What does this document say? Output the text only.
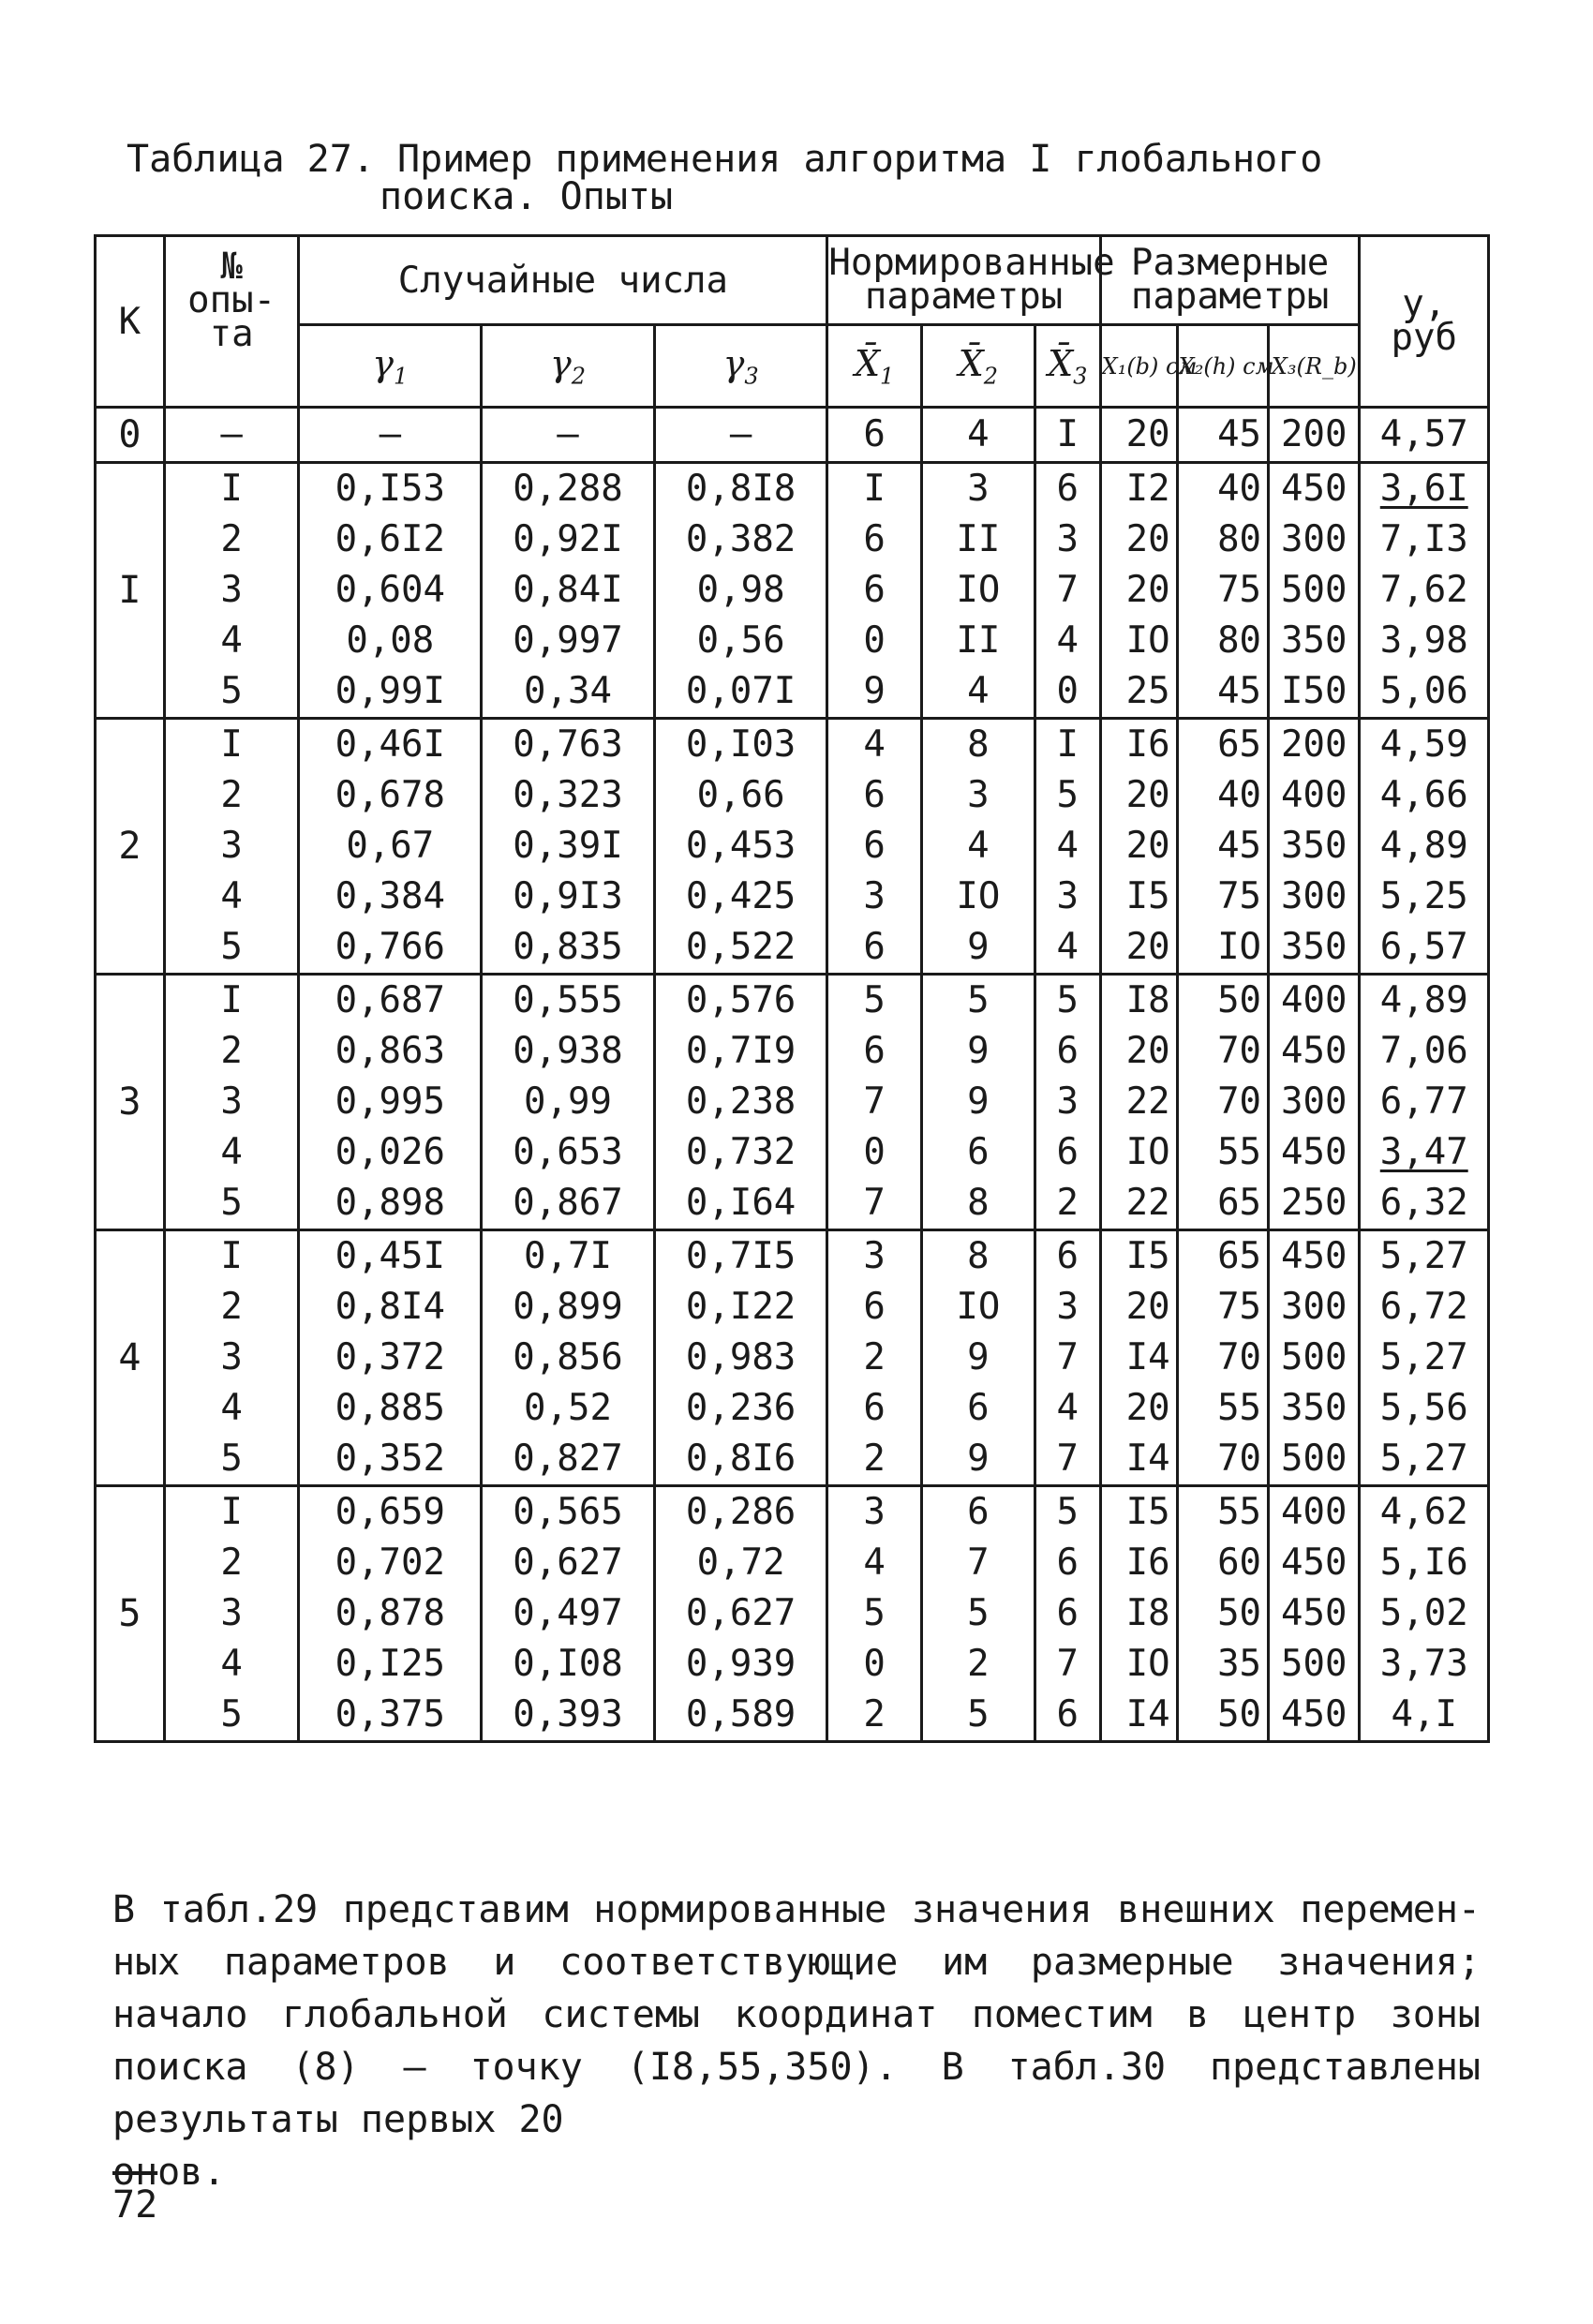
Таблица 27. Пример применения алгоритма I глобального
поиска. Опыты
К	№ опы-та	Случайные числа			Нормированные параметры			Размерные параметры			у, руб
		$\gamma_1$	$\gamma_2$	$\gamma_3$	$X̄_1$	$X̄_2$	$X̄_3$	X₁(b) см	X₂(h) см	X₃(R_b)	
0	–	–	–	–	6	4	I	20	45	200	4,57
I	I	0,I53	0,288	0,8I8	I	3	6	I2	40	450	3,6I
	2	0,6I2	0,92I	0,382	6	II	3	20	80	300	7,I3
	3	0,604	0,84I	0,98	6	IO	7	20	75	500	7,62
	4	0,08	0,997	0,56	0	II	4	IO	80	350	3,98
	5	0,99I	0,34	0,07I	9	4	0	25	45	I50	5,06
2	I	0,46I	0,763	0,I03	4	8	I	I6	65	200	4,59
	2	0,678	0,323	0,66	6	3	5	20	40	400	4,66
	3	0,67	0,39I	0,453	6	4	4	20	45	350	4,89
	4	0,384	0,9I3	0,425	3	IO	3	I5	75	300	5,25
	5	0,766	0,835	0,522	6	9	4	20	IO	350	6,57
3	I	0,687	0,555	0,576	5	5	5	I8	50	400	4,89
	2	0,863	0,938	0,7I9	6	9	6	20	70	450	7,06
	3	0,995	0,99	0,238	7	9	3	22	70	300	6,77
	4	0,026	0,653	0,732	0	6	6	IO	55	450	3,47
	5	0,898	0,867	0,I64	7	8	2	22	65	250	6,32
4	I	0,45I	0,7I	0,7I5	3	8	6	I5	65	450	5,27
	2	0,8I4	0,899	0,I22	6	IO	3	20	75	300	6,72
	3	0,372	0,856	0,983	2	9	7	I4	70	500	5,27
	4	0,885	0,52	0,236	6	6	4	20	55	350	5,56
	5	0,352	0,827	0,8I6	2	9	7	I4	70	500	5,27
5	I	0,659	0,565	0,286	3	6	5	I5	55	400	4,62
	2	0,702	0,627	0,72	4	7	6	I6	60	450	5,I6
	3	0,878	0,497	0,627	5	5	6	I8	50	450	5,02
	4	0,I25	0,I08	0,939	0	2	7	IO	35	500	3,73
	5	0,375	0,393	0,589	2	5	6	I4	50	450	4,I
В табл.29 представим нормированные значения внешних перемен-ных параметров и соответствующие им размерные значения; начало глобальной системы координат поместим в центр зоны поиска (8) – точку (I8,55,350). В табл.30 представлены результаты первых 20
онов.
72
